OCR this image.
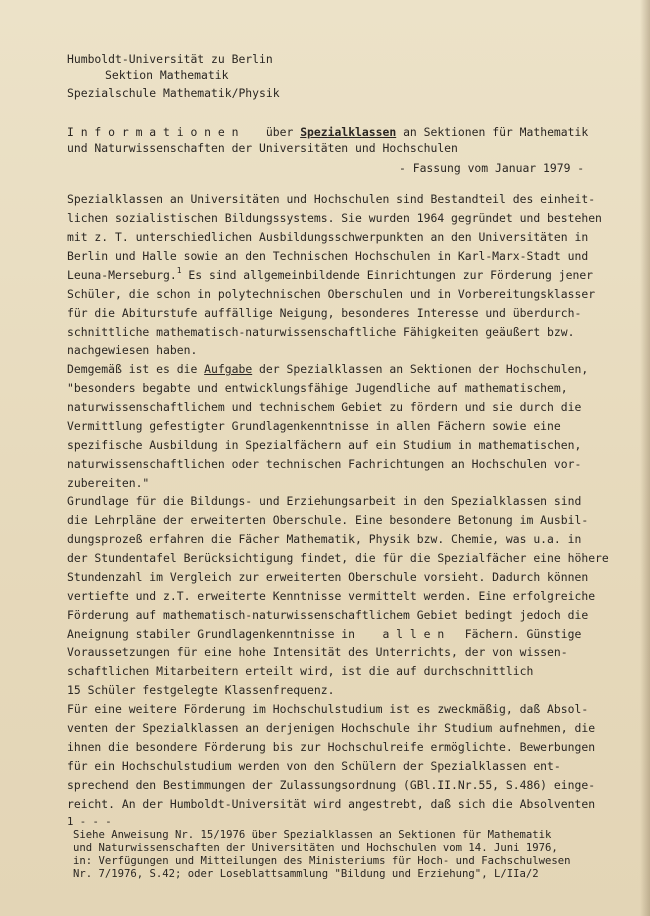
Humboldt-Universität zu Berlin
Sektion Mathematik
Spezialschule Mathematik/Physik
I n f o r m a t i o n e n über Spezialklassen an Sektionen für Mathematik
und Naturwissenschaften der Universitäten und Hochschulen
- Fassung vom Januar 1979 -
Spezialklassen an Universitäten und Hochschulen sind Bestandteil des einheit-
lichen sozialistischen Bildungssystems. Sie wurden 1964 gegründet und bestehen
mit z. T. unterschiedlichen Ausbildungsschwerpunkten an den Universitäten in
Berlin und Halle sowie an den Technischen Hochschulen in Karl-Marx-Stadt und
Leuna-Merseburg.$^1$ Es sind allgemeinbildende Einrichtungen zur Förderung jener
Schüler, die schon in polytechnischen Oberschulen und in Vorbereitungsklasser
für die Abiturstufe auffällige Neigung, besonderes Interesse und überdurch-
schnittliche mathematisch-naturwissenschaftliche Fähigkeiten geäußert bzw.
nachgewiesen haben.
Demgemäß ist es die Aufgabe der Spezialklassen an Sektionen der Hochschulen,
"besonders begabte und entwicklungsfähige Jugendliche auf mathematischem,
naturwissenschaftlichem und technischem Gebiet zu fördern und sie durch die
Vermittlung gefestigter Grundlagenkenntnisse in allen Fächern sowie eine
spezifische Ausbildung in Spezialfächern auf ein Studium in mathematischen,
naturwissenschaftlichen oder technischen Fachrichtungen an Hochschulen vor-
zubereiten."
Grundlage für die Bildungs- und Erziehungsarbeit in den Spezialklassen sind
die Lehrpläne der erweiterten Oberschule. Eine besondere Betonung im Ausbil-
dungsprozeß erfahren die Fächer Mathematik, Physik bzw. Chemie, was u.a. in
der Stundentafel Berücksichtigung findet, die für die Spezialfächer eine höhere
Stundenzahl im Vergleich zur erweiterten Oberschule vorsieht. Dadurch können
vertiefte und z.T. erweiterte Kenntnisse vermittelt werden. Eine erfolgreiche
Förderung auf mathematisch-naturwissenschaftlichem Gebiet bedingt jedoch die
Aneignung stabiler Grundlagenkenntnisse in    a l l e n   Fächern. Günstige
Voraussetzungen für eine hohe Intensität des Unterrichts, der von wissen-
schaftlichen Mitarbeitern erteilt wird, ist die auf durchschnittlich
15 Schüler festgelegte Klassenfrequenz.
Für eine weitere Förderung im Hochschulstudium ist es zweckmäßig, daß Absol-
venten der Spezialklassen an derjenigen Hochschule ihr Studium aufnehmen, die
ihnen die besondere Förderung bis zur Hochschulreife ermöglichte. Bewerbungen
für ein Hochschulstudium werden von den Schülern der Spezialklassen ent-
sprechend den Bestimmungen der Zulassungsordnung (GBl.II.Nr.55, S.486) einge-
reicht. An der Humboldt-Universität wird angestrebt, daß sich die Absolventen
1 - - -
Siehe Anweisung Nr. 15/1976 über Spezialklassen an Sektionen für Mathematik
und Naturwissenschaften der Universitäten und Hochschulen vom 14. Juni 1976,
in: Verfügungen und Mitteilungen des Ministeriums für Hoch- und Fachschulwesen
Nr. 7/1976, S.42; oder Loseblattsammlung "Bildung und Erziehung", L/IIa/2
